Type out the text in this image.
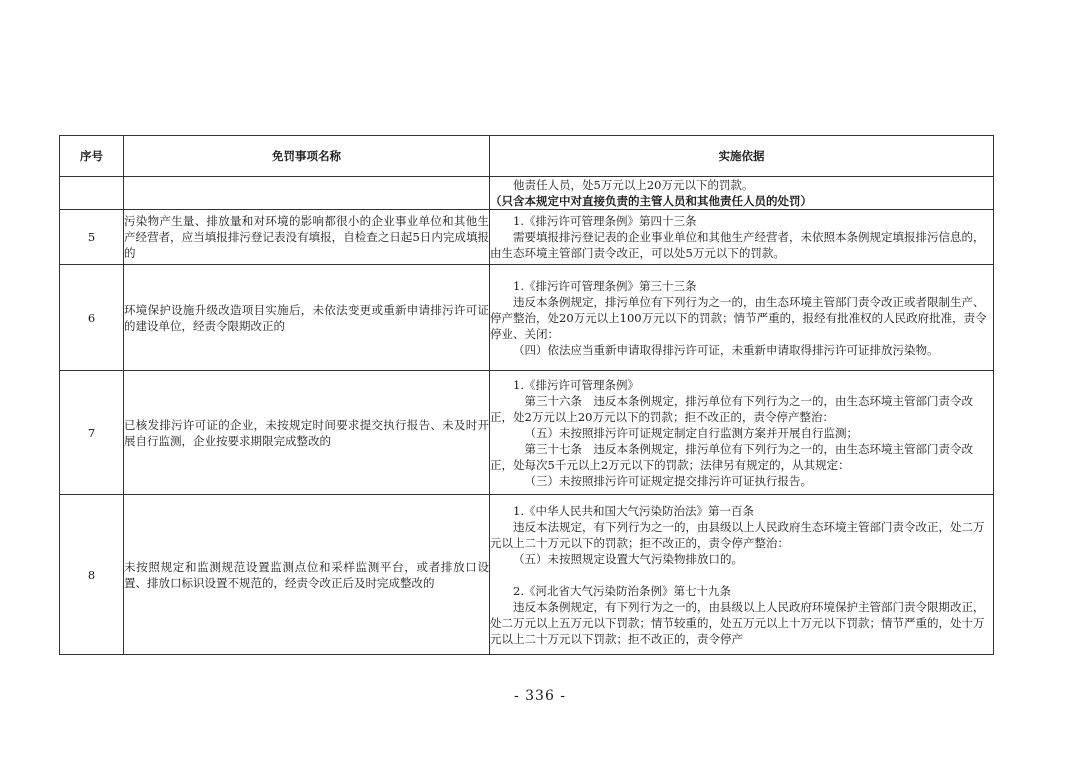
序号	免罚事项名称	实施依据

		他责任人员，处5万元以上20万元以下的罚款。
（只含本规定中对直接负责的主管人员和其他责任人员的处罚）

5	污染物产生量、排放量和对环境的影响都很小的企业事业单位和其他生产经营者，应当填报排污登记表没有填报，自检查之日起5日内完成填报的	1.《排污许可管理条例》第四十三条
需要填报排污登记表的企业事业单位和其他生产经营者，未依照本条例规定填报排污信息的，由生态环境主管部门责令改正，可以处5万元以下的罚款。

6	环境保护设施升级改造项目实施后，未依法变更或重新申请排污许可证的建设单位，经责令限期改正的	1.《排污许可管理条例》第三十三条
违反本条例规定，排污单位有下列行为之一的，由生态环境主管部门责令改正或者限制生产、停产整治，处20万元以上100万元以下的罚款；情节严重的，报经有批准权的人民政府批准，责令停业、关闭：
（四）依法应当重新申请取得排污许可证，未重新申请取得排污许可证排放污染物。

7	已核发排污许可证的企业，未按规定时间要求提交执行报告、未及时开展自行监测，企业按要求期限完成整改的	1.《排污许可管理条例》
第三十六条　违反本条例规定，排污单位有下列行为之一的，由生态环境主管部门责令改正，处2万元以上20万元以下的罚款；拒不改正的，责令停产整治：
（五）未按照排污许可证规定制定自行监测方案并开展自行监测；
第三十七条　违反本条例规定，排污单位有下列行为之一的，由生态环境主管部门责令改正，处每次5千元以上2万元以下的罚款；法律另有规定的，从其规定：
（三）未按照排污许可证规定提交排污许可证执行报告。

8	未按照规定和监测规范设置监测点位和采样监测平台，或者排放口设置、排放口标识设置不规范的，经责令改正后及时完成整改的	1.《中华人民共和国大气污染防治法》第一百条
违反本法规定，有下列行为之一的，由县级以上人民政府生态环境主管部门责令改正，处二万元以上二十万元以下的罚款；拒不改正的，责令停产整治：
（五）未按照规定设置大气污染物排放口的。
2.《河北省大气污染防治条例》第七十九条
违反本条例规定，有下列行为之一的，由县级以上人民政府环境保护主管部门责令限期改正，处二万元以上五万元以下罚款；情节较重的，处五万元以上十万元以下罚款；情节严重的，处十万元以上二十万元以下罚款；拒不改正的，责令停产
- 336 -
